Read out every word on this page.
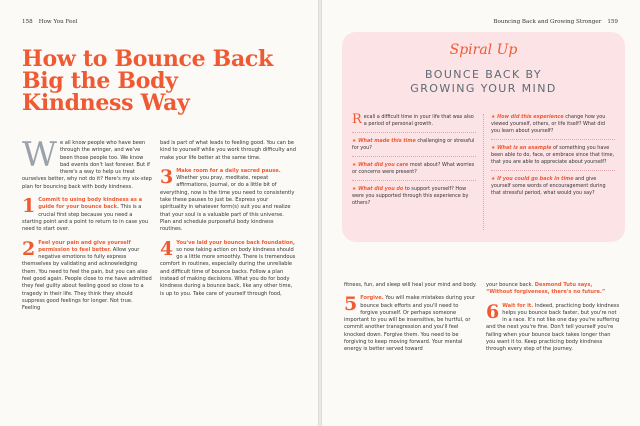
158 How You Feel
How to Bounce Back Big the Body Kindness Way

We all know people who have been through the wringer, and we've been those people too. We know bad events don't last forever. But if there's a way to help us treat ourselves better, why not do it? Here's my six-step plan for bouncing back with body kindness.

1 Commit to using body kindness as a guide for your bounce back. This is a crucial first step because you need a starting point and a point to return to in case you need to start over.

2 Feel your pain and give yourself permission to feel better. Allow your negative emotions to fully express themselves by validating and acknowledging them. You need to feel the pain, but you can also feel good again. People close to me have admitted they feel guilty about feeling good so close to a tragedy in their life. They think they should suppress good feelings for longer. Not true. Feeling

bad is part of what leads to feeling good. You can be kind to yourself while you work through difficulty and make your life better at the same time.

3 Make room for a daily sacred pause. Whether you pray, meditate, repeat affirmations, journal, or do a little bit of everything, now is the time you need to consistently take these pauses to just be. Express your spirituality in whatever form(s) suit you and realize that your soul is a valuable part of this universe. Plan and schedule purposeful body kindness routines.

4 You've laid your bounce back foundation, so now taking action on body kindness should go a little more smoothly. There is tremendous comfort in routines, especially during the unreliable and difficult time of bounce backs. Follow a plan instead of making decisions. What you do for body kindness during a bounce back, like any other time, is up to you. Take care of yourself through food,

Bouncing Back and Growing Stronger 159
Spiral Up
BOUNCE BACK BY
GROWING YOUR MIND
Recall a difficult time in your life that was also a period of personal growth.
★ What made this time challenging or stressful for you?
★ What did you care most about? What worries or concerns were present?
★ What did you do to support yourself? How were you supported through this experience by others?
★ How did this experience change how you viewed yourself, others, or life itself? What did you learn about yourself?
★ What is an example of something you have been able to do, face, or embrace since that time, that you are able to appreciate about yourself?
★ If you could go back in time and give yourself some words of encouragement during that stressful period, what would you say?

fitness, fun, and sleep will heal your mind and body.

5 Forgive. You will make mistakes during your bounce back efforts and you'll need to forgive yourself. Or perhaps someone important to you will be insensitive, be hurtful, or commit another transgression and you'll feel knocked down. Forgive them. You need to be forgiving to keep moving forward. Your mental energy is better served toward

your bounce back. Desmond Tutu says, “Without forgiveness, there's no future.”

6 Wait for it. Indeed, practicing body kindness helps you bounce back faster, but you're not in a race. It's not like one day you're suffering and the next you're fine. Don't tell yourself you're failing when your bounce back takes longer than you want it to. Keep practicing body kindness through every step of the journey.
